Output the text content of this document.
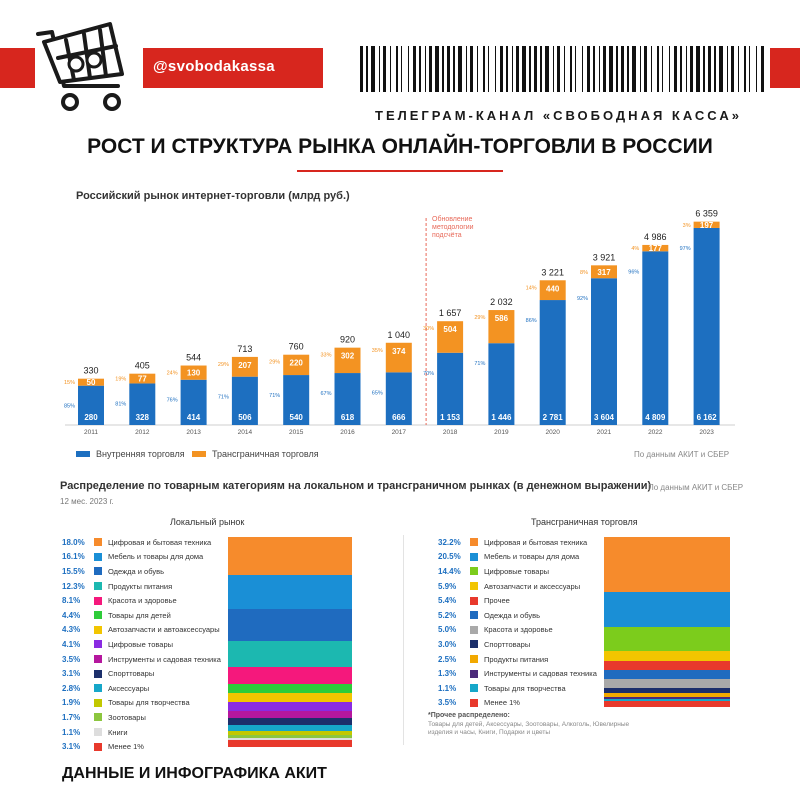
@svobodakassa
ТЕЛЕГРАМ-КАНАЛ «СВОБОДНАЯ КАССА»
РОСТ И СТРУКТУРА РЫНКА ОНЛАЙН-ТОРГОВЛИ В РОССИИ
Российский рынок интернет-торговли (млрд руб.)
280
50
330
85%
15%
2011
328
77
405
81%
19%
2012
414
130
544
76%
24%
2013
506
207
713
71%
29%
2014
540
220
760
71%
29%
2015
618
302
920
67%
33%
2016
666
374
1 040
65%
35%
2017
1 153
504
1 657
70%
30%
2018
1 446
586
2 032
71%
29%
2019
2 781
440
3 221
86%
14%
2020
3 604
317
3 921
92%
8%
2021
4 809
177
4 986
96%
4%
2022
6 162
197
6 359
97%
3%
2023
Обновление методологии подсчёта
Внутренняя торговля	Трансграничная торговля	По данным АКИТ и СБЕР
Распределение по товарным категориям на локальном и трансграничном рынках (в денежном выражении)
По данным АКИТ и СБЕР
12 мес. 2023 г.
Локальный рынок	Трансграничная торговля
18.0%	Цифровая и бытовая техника
16.1%	Мебель и товары для дома
15.5%	Одежда и обувь
12.3%	Продукты питания
8.1%	Красота и здоровье
4.4%	Товары для детей
4.3%	Автозапчасти и автоаксессуары
4.1%	Цифровые товары
3.5%	Инструменты и садовая техника
3.1%	Спорттовары
2.8%	Аксессуары
1.9%	Товары для творчества
1.7%	Зоотовары
1.1%	Книги
3.1%	Менее 1%
32.2%	Цифровая и бытовая техника
20.5%	Мебель и товары для дома
14.4%	Цифровые товары
5.9%	Автозапчасти и аксессуары
5.4%	Прочее
5.2%	Одежда и обувь
5.0%	Красота и здоровье
3.0%	Спорттовары
2.5%	Продукты питания
1.3%	Инструменты и садовая техника
1.1%	Товары для творчества
3.5%	Менее 1%
*Прочее распределено:
Товары для детей, Аксессуары, Зоотовары, Алкоголь, Ювелирные изделия и часы, Книги, Подарки и цветы
ДАННЫЕ И ИНФОГРАФИКА АКИТ
